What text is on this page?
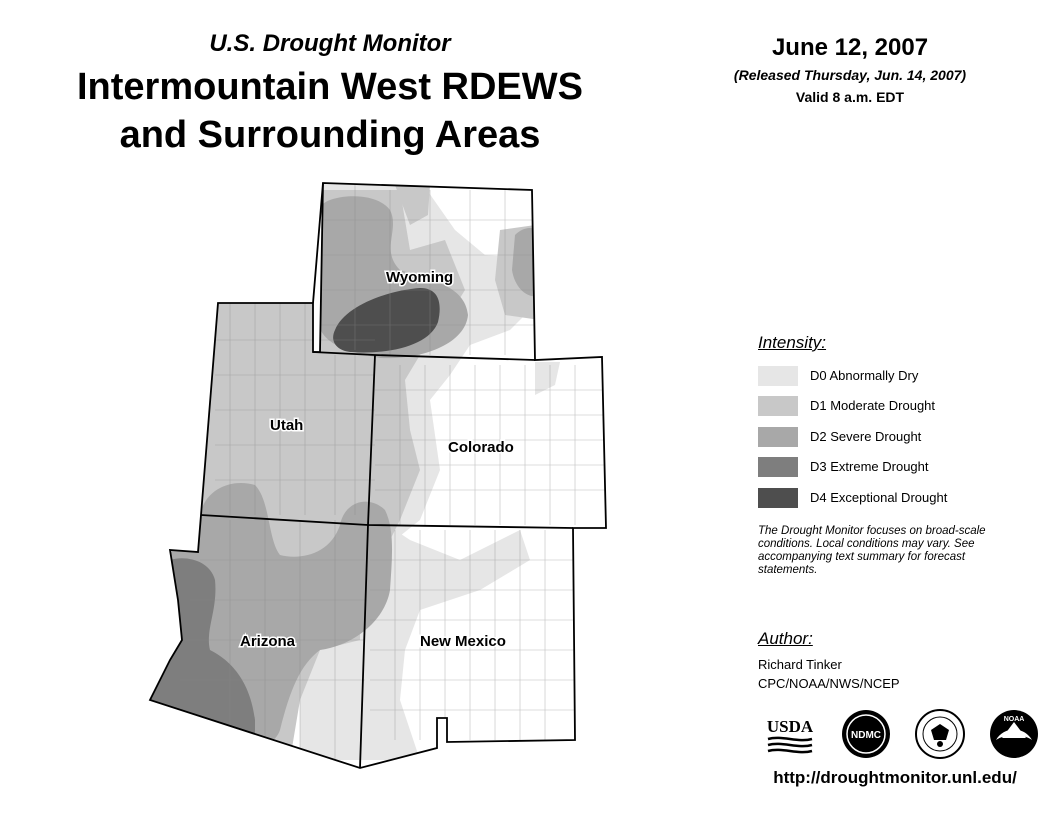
U.S. Drought Monitor
Intermountain West RDEWS
and Surrounding Areas
June 12, 2007
(Released Thursday, Jun. 14, 2007)
Valid 8 a.m. EDT
Wyoming
Utah
Colorado
Arizona	New Mexico
Intensity:
D0 Abnormally Dry
D1 Moderate Drought
D2 Severe Drought
D3 Extreme Drought
D4 Exceptional Drought
The Drought Monitor focuses on broad-scale conditions. Local conditions may vary. See accompanying text summary for forecast statements.
Author:
Richard Tinker
CPC/NOAA/NWS/NCEP
USDA	NDMC
NOAA
http://droughtmonitor.unl.edu/
